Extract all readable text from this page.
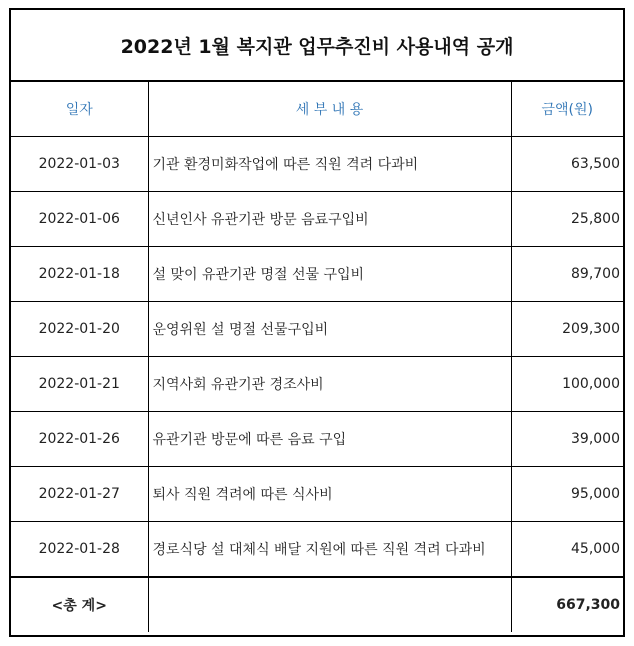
2022년 1월 복지관 업무추진비 사용내역 공개
일자	세 부 내 용	금액(원)
2022-01-03	기관 환경미화작업에 따른 직원 격려 다과비	63,500
2022-01-06	신년인사 유관기관 방문 음료구입비	25,800
2022-01-18	설 맞이 유관기관 명절 선물 구입비	89,700
2022-01-20	운영위원 설 명절 선물구입비	209,300
2022-01-21	지역사회 유관기관 경조사비	100,000
2022-01-26	유관기관 방문에 따른 음료 구입	39,000
2022-01-27	퇴사 직원 격려에 따른 식사비	95,000
2022-01-28	경로식당 설 대체식 배달 지원에 따른 직원 격려 다과비	45,000
<총 계>		667,300
